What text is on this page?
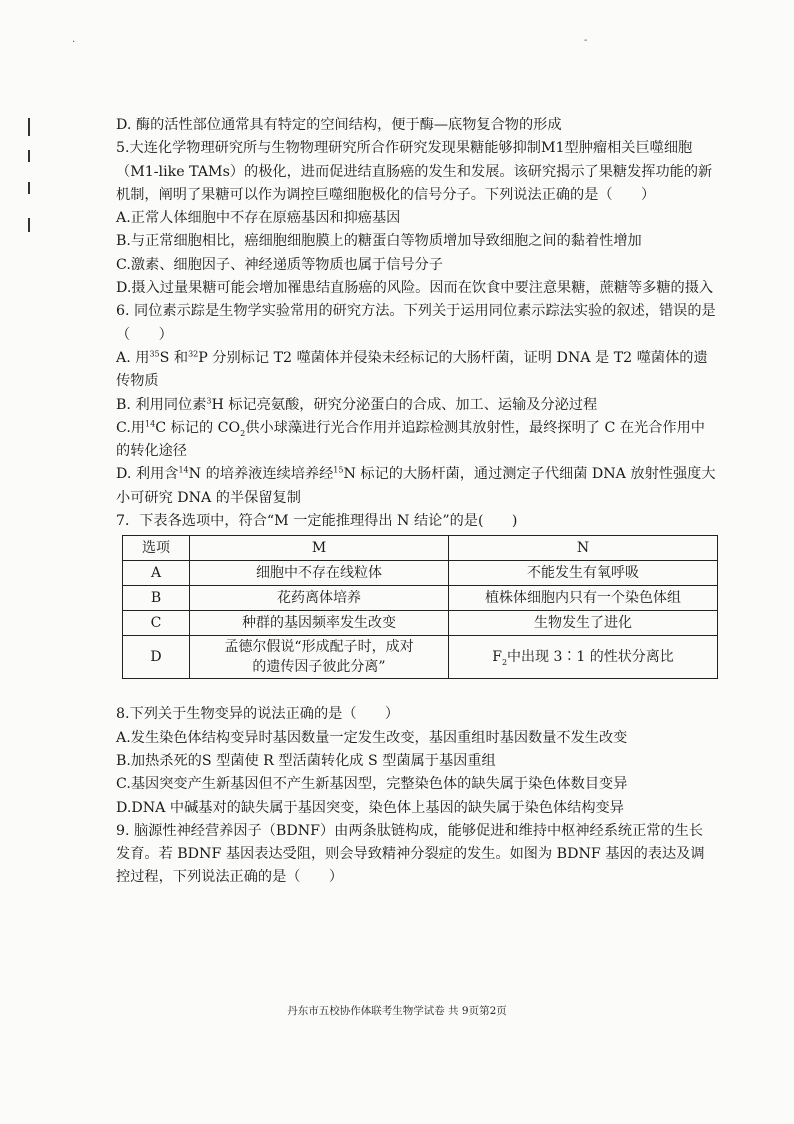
·	-

D. 酶的活性部位通常具有特定的空间结构，便于酶—底物复合物的形成

5.大连化学物理研究所与生物物理研究所合作研究发现果糖能够抑制M1型肿瘤相关巨噬细胞（M1-like TAMs）的极化，进而促进结直肠癌的发生和发展。该研究揭示了果糖发挥功能的新机制，阐明了果糖可以作为调控巨噬细胞极化的信号分子。下列说法正确的是（　　）

A.正常人体细胞中不存在原癌基因和抑癌基因

B.与正常细胞相比，癌细胞细胞膜上的糖蛋白等物质增加导致细胞之间的黏着性增加

C.激素、细胞因子、神经递质等物质也属于信号分子

D.摄入过量果糖可能会增加罹患结直肠癌的风险。因而在饮食中要注意果糖，蔗糖等多糖的摄入

6. 同位素示踪是生物学实验常用的研究方法。下列关于运用同位素示踪法实验的叙述，错误的是（　　）

A. 用$^{35}$S 和$^{32}$P 分别标记 T2 噬菌体并侵染未经标记的大肠杆菌，证明 DNA 是 T2 噬菌体的遗传物质

B. 利用同位素$^3$H 标记亮氨酸，研究分泌蛋白的合成、加工、运输及分泌过程

C.用$^{14}$C 标记的 $CO_2$供小球藻进行光合作用并追踪检测其放射性，最终探明了 C 在光合作用中的转化途径

D. 利用含$^{14}$N 的培养液连续培养经$^{15}$N 标记的大肠杆菌，通过测定子代细菌 DNA 放射性强度大小可研究 DNA 的半保留复制

7．下表各选项中，符合“M 一定能推理得出 N 结论”的是(　　)

选项	M	N
A	细胞中不存在线粒体	不能发生有氧呼吸
B	花药离体培养	植株体细胞内只有一个染色体组
C	种群的基因频率发生改变	生物发生了进化
D	孟德尔假说“形成配子时，成对
的遗传因子彼此分离”	$F_2$中出现 3∶1 的性状分离比

8.下列关于生物变异的说法正确的是（　　）

A.发生染色体结构变异时基因数量一定发生改变，基因重组时基因数量不发生改变

B.加热杀死的S 型菌使 R 型活菌转化成 S 型菌属于基因重组

C.基因突变产生新基因但不产生新基因型，完整染色体的缺失属于染色体数目变异

D.DNA 中碱基对的缺失属于基因突变，染色体上基因的缺失属于染色体结构变异

9. 脑源性神经营养因子（BDNF）由两条肽链构成，能够促进和维持中枢神经系统正常的生长发育。若 BDNF 基因表达受阻，则会导致精神分裂症的发生。如图为 BDNF 基因的表达及调控过程，下列说法正确的是（　　）

丹东市五校协作体联考生物学试卷 共 9页第2页
